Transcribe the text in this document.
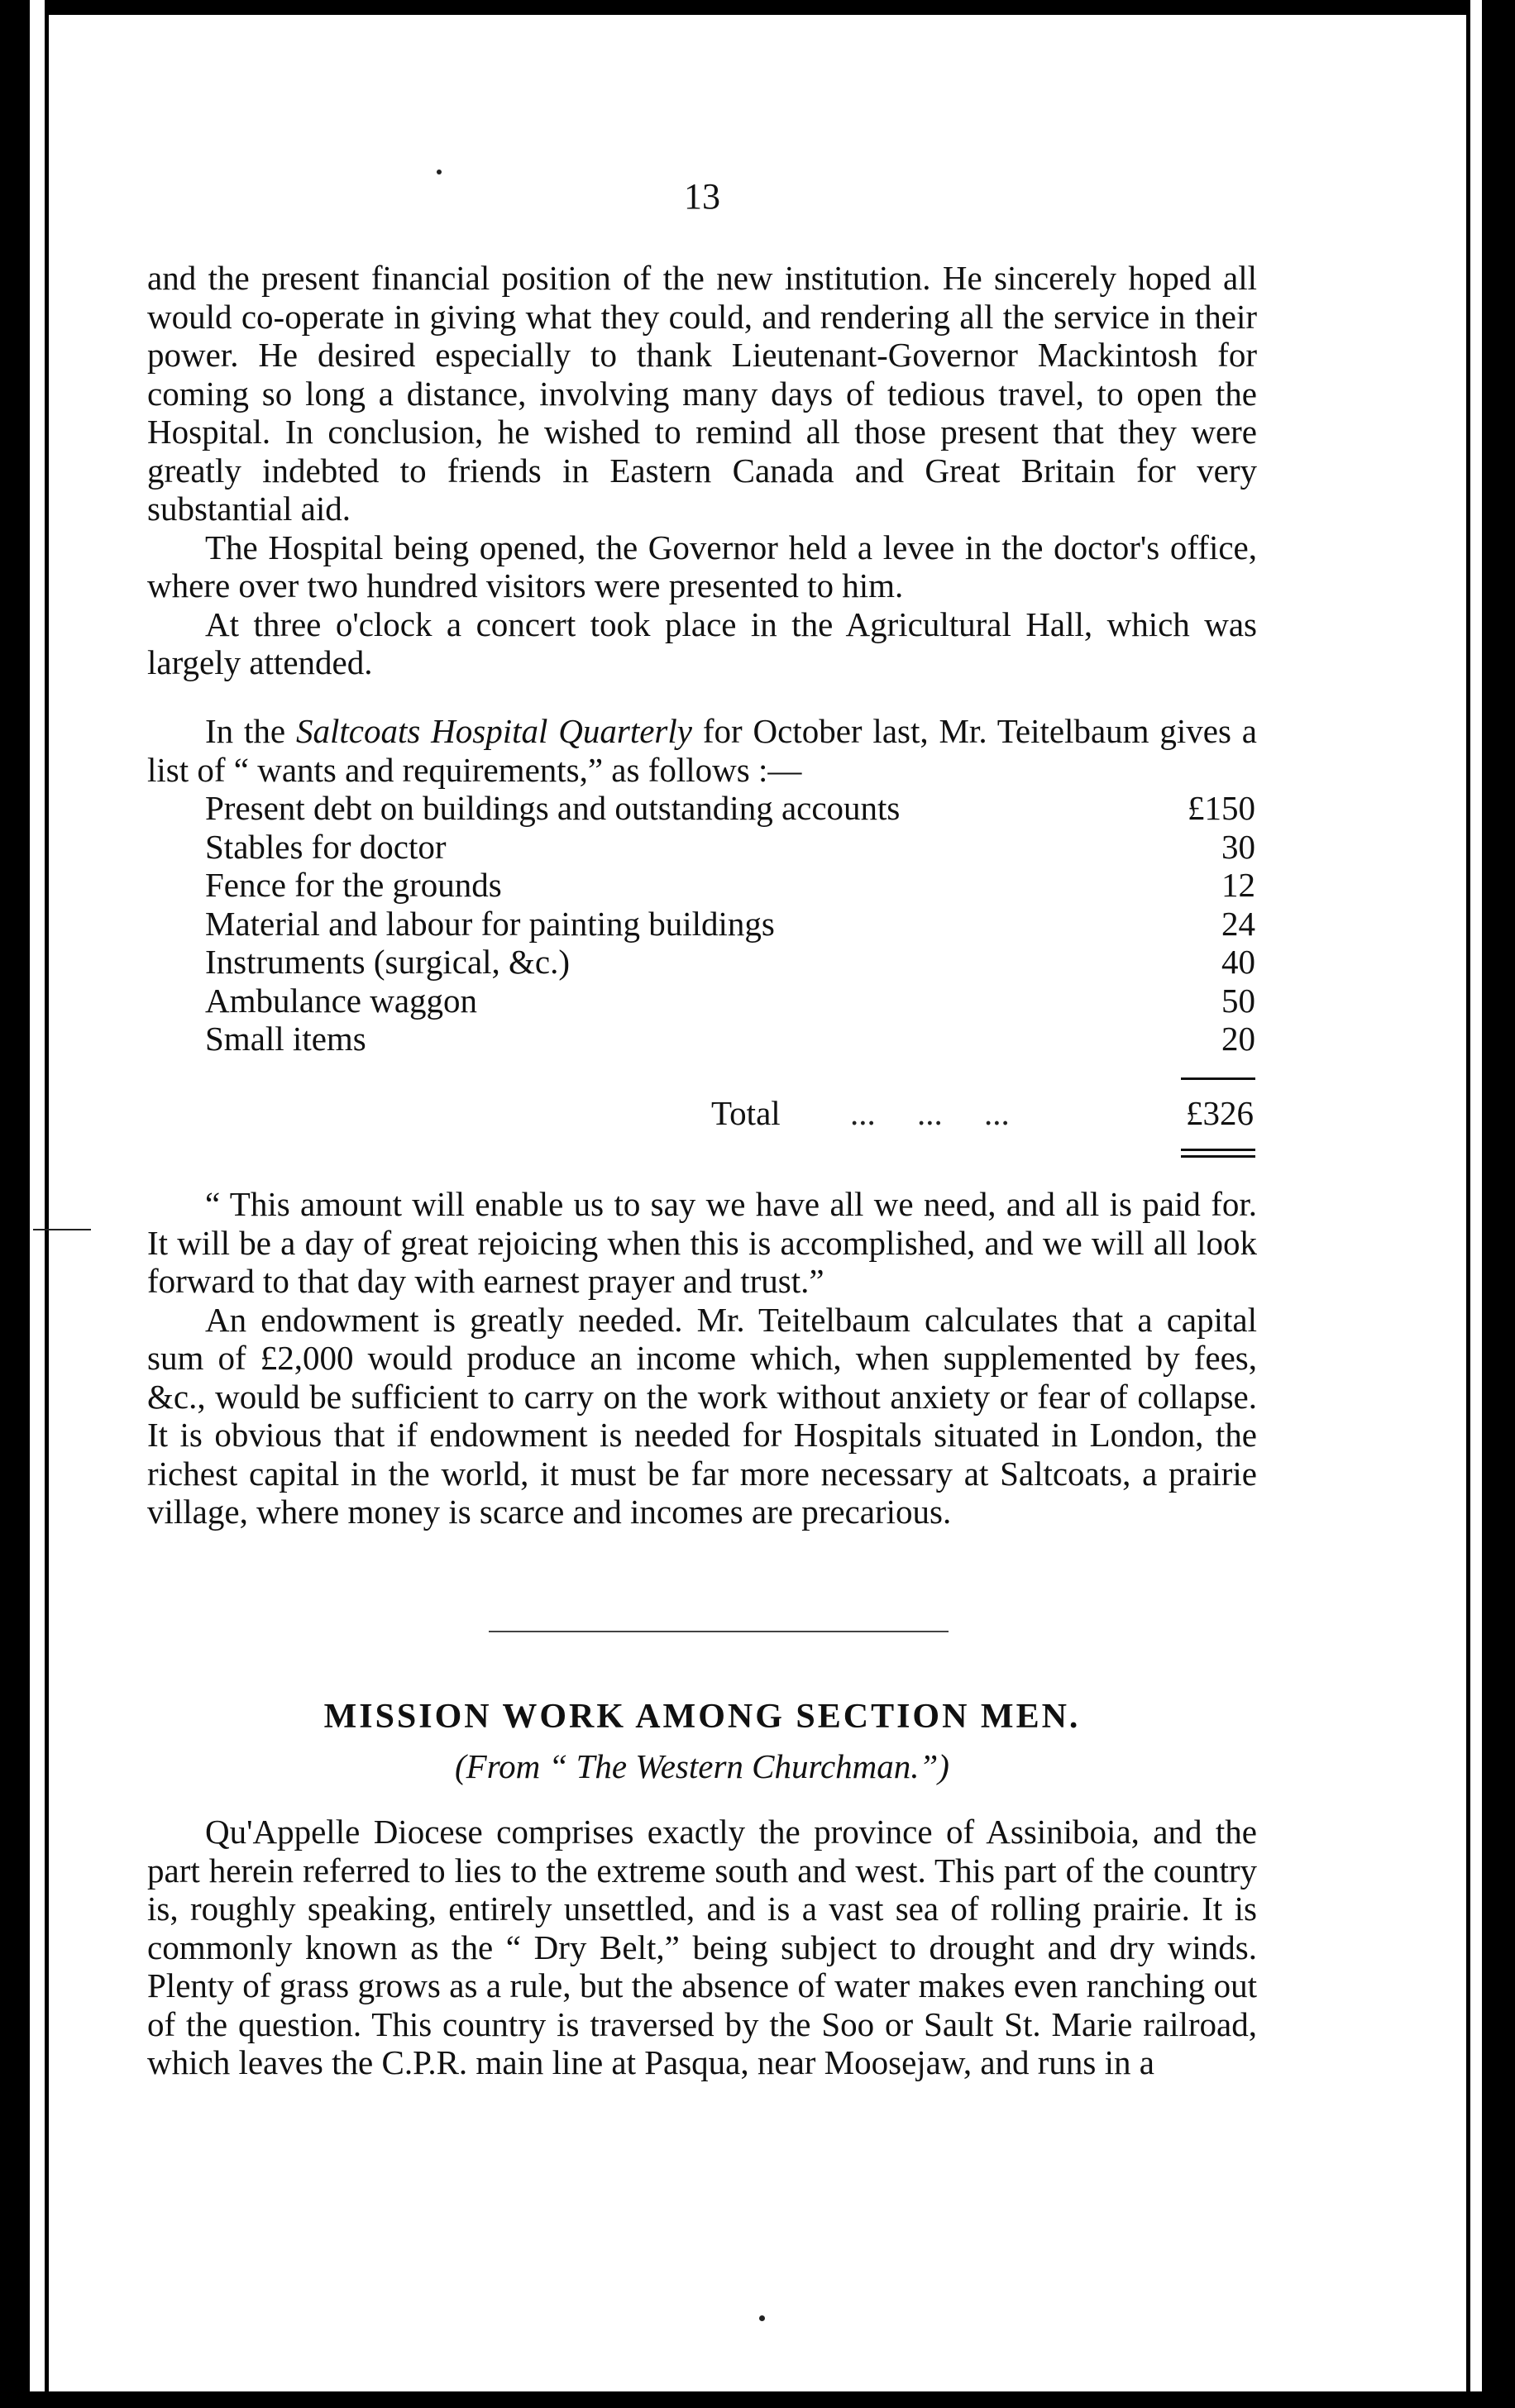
13

and the present financial position of the new institution. He sincerely hoped all would co-operate in giving what they could, and rendering all the service in their power. He desired especially to thank Lieutenant-Governor Mackintosh for coming so long a distance, involving many days of tedious travel, to open the Hospital. In conclusion, he wished to remind all those present that they were greatly indebted to friends in Eastern Canada and Great Britain for very substantial aid.

The Hospital being opened, the Governor held a levee in the doctor's office, where over two hundred visitors were presented to him.

At three o'clock a concert took place in the Agricultural Hall, which was largely attended.

In the Saltcoats Hospital Quarterly for October last, Mr. Teitelbaum gives a list of “ wants and requirements,” as follows :—

Present debt on buildings and outstanding accounts	£150
Stables for doctor	30
Fence for the grounds	12
Material and labour for painting buildings	24
Instruments (surgical, &c.)	40
Ambulance waggon	50
Small items	20
Total ... ... ...	£326

“ This amount will enable us to say we have all we need, and all is paid for. It will be a day of great rejoicing when this is accomplished, and we will all look forward to that day with earnest prayer and trust.”

An endowment is greatly needed. Mr. Teitelbaum calculates that a capital sum of £2,000 would produce an income which, when supplemented by fees, &c., would be sufficient to carry on the work without anxiety or fear of collapse. It is obvious that if endowment is needed for Hospitals situated in London, the richest capital in the world, it must be far more necessary at Saltcoats, a prairie village, where money is scarce and incomes are precarious.

MISSION WORK AMONG SECTION MEN.
(From “ The Western Churchman.”)

Qu'Appelle Diocese comprises exactly the province of Assiniboia, and the part herein referred to lies to the extreme south and west. This part of the country is, roughly speaking, entirely unsettled, and is a vast sea of rolling prairie. It is commonly known as the “ Dry Belt,” being subject to drought and dry winds. Plenty of grass grows as a rule, but the absence of water makes even ranching out of the question. This country is traversed by the Soo or Sault St. Marie railroad, which leaves the C.P.R. main line at Pasqua, near Moosejaw, and runs in a
